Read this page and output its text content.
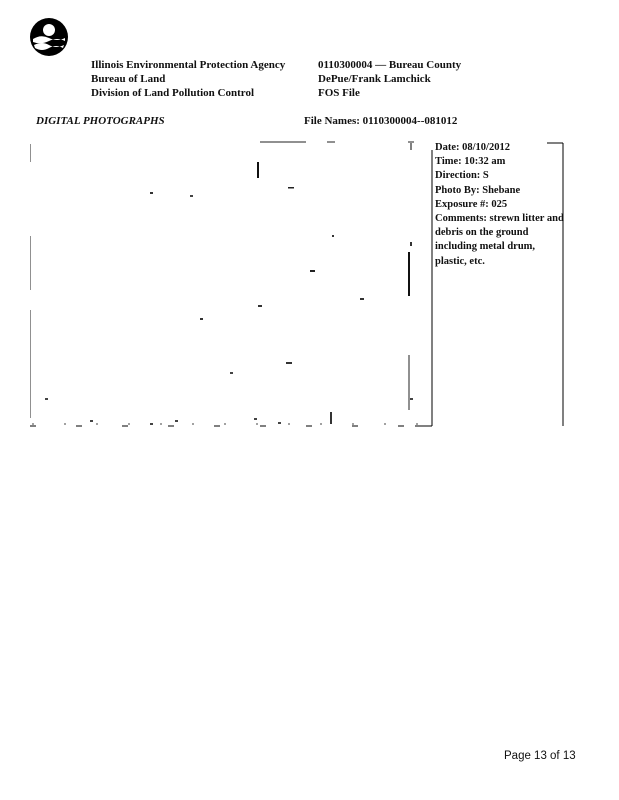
Illinois Environmental Protection Agency
Bureau of Land
Division of Land Pollution Control
0110300004 — Bureau County
DePue/Frank Lamchick
FOS File
DIGITAL PHOTOGRAPHS	File Names: 0110300004--081012
Date: 08/10/2012
Time: 10:32 am
Direction: S
Photo By: Shebane
Exposure #: 025
Comments: strewn litter and debris on the ground including metal drum, plastic, etc.
Page 13 of 13
